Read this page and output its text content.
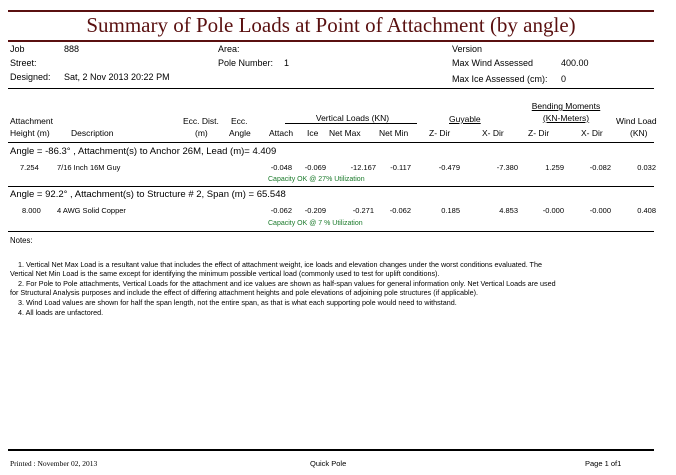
Summary of Pole Loads at Point of Attachment (by angle)
Job	888
Street:
Designed: Sat, 2 Nov 2013 20:22 PM
Area:
Pole Number: 1
Version
Max Wind Assessed	400.00
Max Ice Assessed (cm): 0
Attachment
Height (m)	Description
Ecc. Dist.
(m)
Ecc.
Angle
Vertical Loads (KN)
Attach Ice Net Max Net Min
Guyable
Z- Dir	X- Dir
Bending Moments
(KN-Meters)
Z- Dir	X- Dir
Wind Load
(KN)
Angle = -86.3° , Attachment(s) to Anchor 26M, Lead (m)= 4.409
7.254 7/16 Inch 16M Guy	-0.048	-0.069	-12.167	-0.117	-0.479	-7.380	1.259	-0.082	0.032
Capacity OK @ 27% Utilization
Angle = 92.2° , Attachment(s) to Structure # 2, Span (m) = 65.548
8.000 4 AWG Solid Copper	-0.062	-0.209	-0.271	-0.062	0.185	4.853	-0.000	-0.000	0.408
Capacity OK @ 7 % Utilization
Notes:
1. Vertical Net Max Load is a resultant value that includes the effect of attachment weight, ice loads and elevation changes under the worst conditions evaluated. The
Vertical Net Min Load is the same except for identifying the minimum possible vertical load (commonly used to test for uplift conditions).
2. For Pole to Pole attachments, Vertical Loads for the attachment and ice values are shown as half-span values for general information only. Net Vertical Loads are used
for Structural Analysis purposes and include the effect of differing attachment heights and pole elevations of adjoining pole structures (if applicable).
3. Wind Load values are shown for half the span length, not the entire span, as that is what each supporting pole would need to withstand.
4. All loads are unfactored.
Printed : November 02, 2013	Quick Pole	Page 1 of1
